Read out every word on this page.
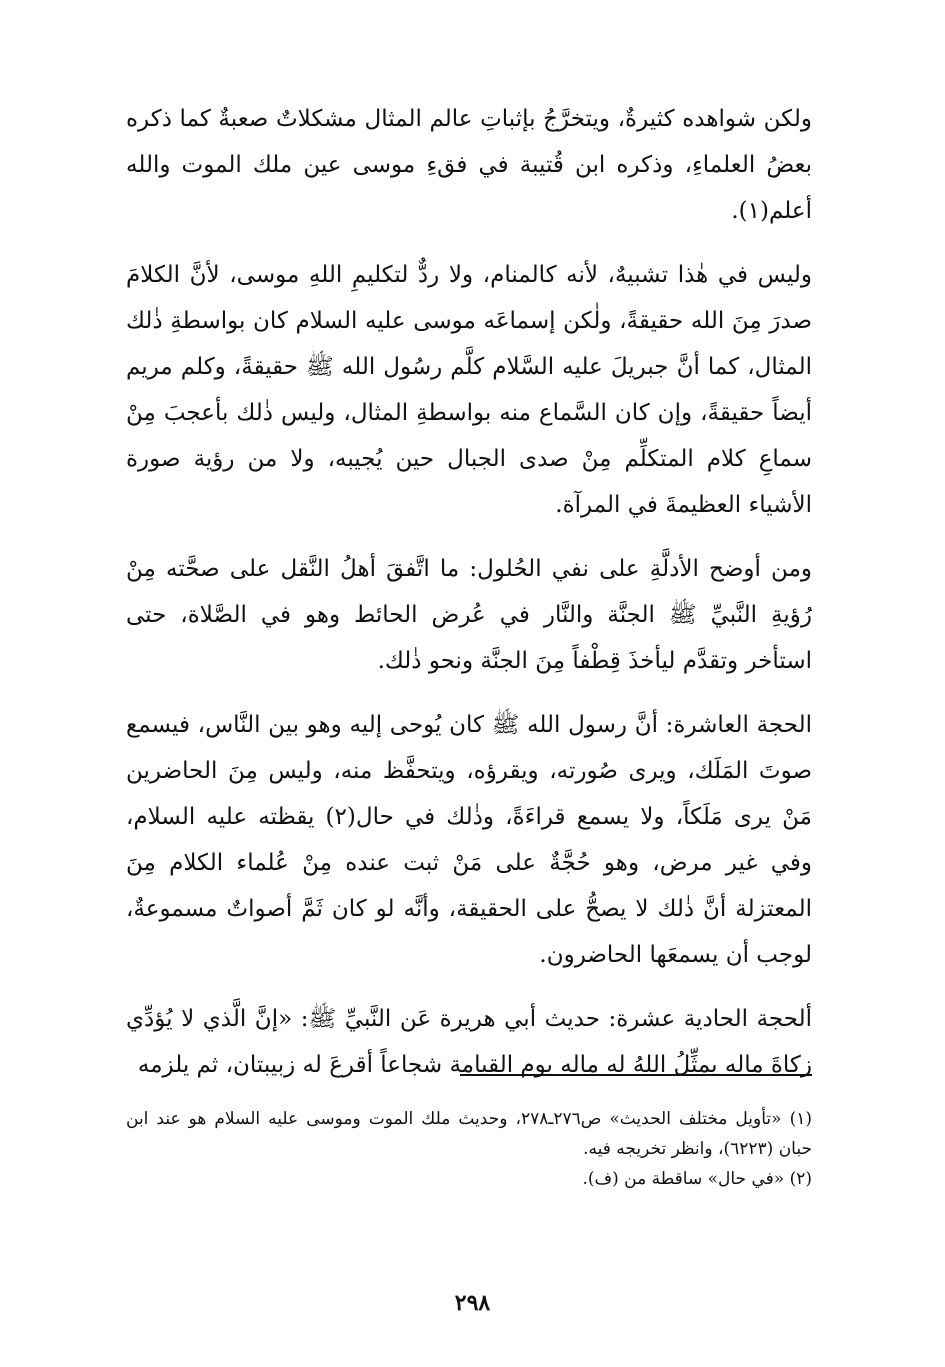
ولكن شواهده كثيرةٌ، ويتخرَّجُ بإثباتِ عالم المثال مشكلاتٌ صعبةٌ كما ذكره بعضُ العلماءِ، وذكره ابن قُتيبة في فقءِ موسى عين ملك الموت والله أعلم(١).

وليس في هٰذا تشبيهٌ، لأنه كالمنام، ولا ردٌّ لتكليمِ اللهِ موسى، لأنَّ الكلامَ صدرَ مِنَ الله حقيقةً، ولٰكن إسماعَه موسى عليه السلام كان بواسطةِ ذٰلك المثال، كما أنَّ جبريلَ عليه السَّلام كلَّم رسُول الله ﷺ حقيقةً، وكلم مريم أيضاً حقيقةً، وإن كان السَّماع منه بواسطةِ المثال، وليس ذٰلك بأعجبَ مِنْ سماعِ كلام المتكلِّم مِنْ صدى الجبال حين يُجيبه، ولا من رؤية صورة الأشياء العظيمةَ في المرآة.

ومن أوضح الأدلَّةِ على نفي الحُلول: ما اتَّفقَ أهلُ النَّقل على صحَّته مِنْ رُؤيةِ النَّبيِّ ﷺ الجنَّة والنَّار في عُرض الحائط وهو في الصَّلاة، حتى استأخر وتقدَّم ليأخذَ قِطْفاً مِنَ الجنَّة ونحو ذٰلك.

الحجة العاشرة: أنَّ رسول الله ﷺ كان يُوحى إليه وهو بين النَّاس، فيسمع صوتَ المَلَك، ويرى صُورته، ويقرؤه، ويتحفَّظ منه، وليس مِنَ الحاضرين مَنْ يرى مَلَكاً، ولا يسمع قراءَةً، وذٰلك في حال(٢) يقظته عليه السلام، وفي غير مرض، وهو حُجَّةٌ على مَنْ ثبت عنده مِنْ عُلماء الكلام مِنَ المعتزلة أنَّ ذٰلك لا يصحُّ على الحقيقة، وأنَّه لو كان ثَمَّ أصواتٌ مسموعةٌ، لوجب أن يسمعَها الحاضرون.

ألحجة الحادية عشرة: حديث أبي هريرة عَن النَّبيِّ ﷺ: «إنَّ الَّذي لا يُؤدِّي زكاةَ ماله يمثِّلُ اللهُ له ماله يوم القيامة شجاعاً أقرعَ له زبيبتان، ثم يلزمه

(١) «تأويل مختلف الحديث» ص٢٧٦ـ٢٧٨، وحديث ملك الموت وموسى عليه السلام هو عند ابن حبان (٦٢٢٣)، وانظر تخريجه فيه.

(٢) «في حال» ساقطة من (ف).

٢٩٨
